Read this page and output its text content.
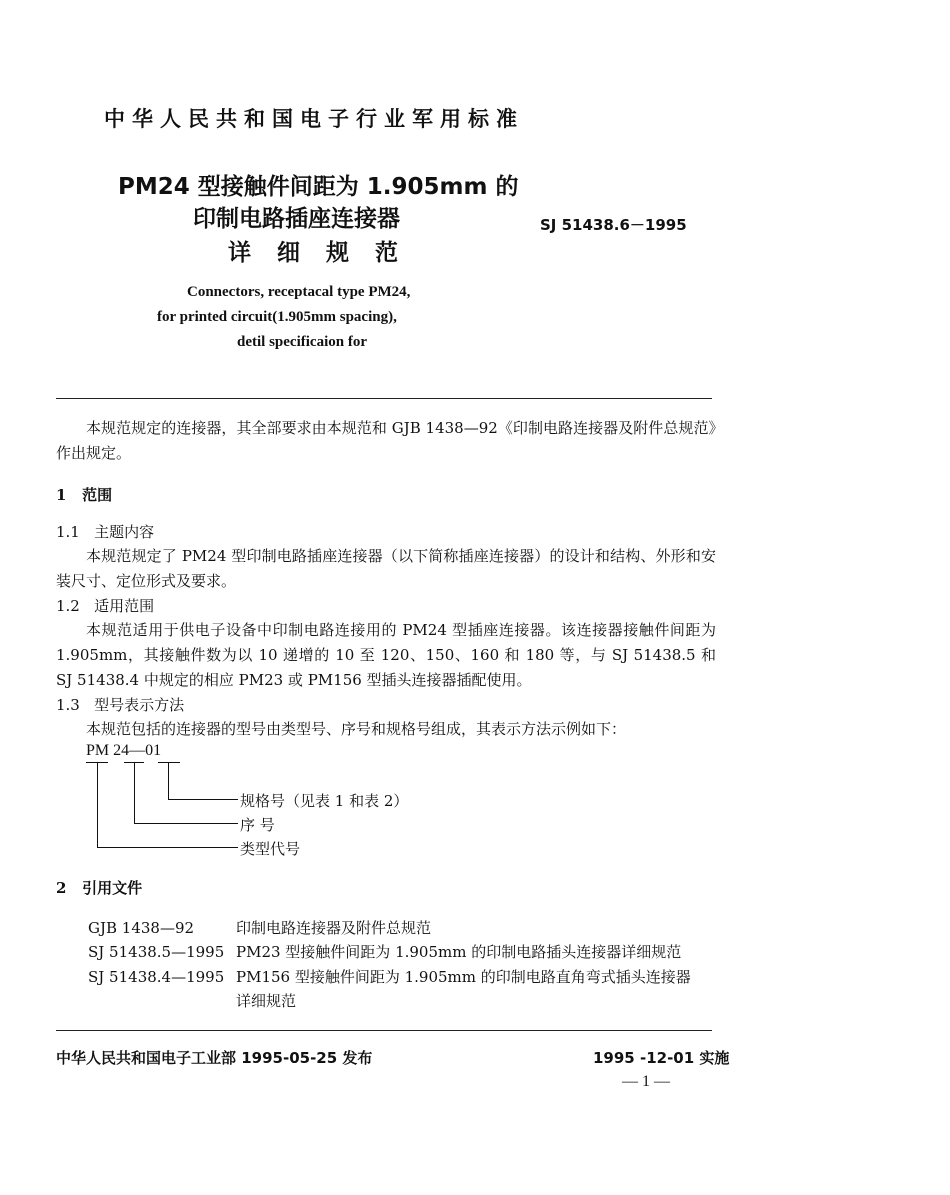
中华人民共和国电子行业军用标准
PM24 型接触件间距为 1.905mm 的
印制电路插座连接器
详细规范
SJ 51438.6－1995
Connectors, receptacal type PM24,
for printed circuit(1.905mm spacing),
detil specificaion for
本规范规定的连接器，其全部要求由本规范和 GJB 1438—92《印制电路连接器及附件总规范》作出规定。
1 范围
1.1 主题内容
本规范规定了 PM24 型印制电路插座连接器（以下简称插座连接器）的设计和结构、外形和安装尺寸、定位形式及要求。
1.2 适用范围
本规范适用于供电子设备中印制电路连接用的 PM24 型插座连接器。该连接器接触件间距为 1.905mm，其接触件数为以 10 递增的 10 至 120、150、160 和 180 等，与 SJ 51438.5 和 SJ 51438.4 中规定的相应 PM23 或 PM156 型插头连接器插配使用。
1.3 型号表示方法
本规范包括的连接器的型号由类型号、序号和规格号组成，其表示方法示例如下：
PM 24—01
规格号（见表 1 和表 2）
序 号
类型代号
2 引用文件
GJB 1438—92	印制电路连接器及附件总规范
SJ 51438.5—1995 PM23 型接触件间距为 1.905mm 的印制电路插头连接器详细规范
SJ 51438.4—1995 PM156 型接触件间距为 1.905mm 的印制电路直角弯式插头连接器
详细规范
中华人民共和国电子工业部 1995-05-25 发布	1995 -12-01 实施
— 1 —
